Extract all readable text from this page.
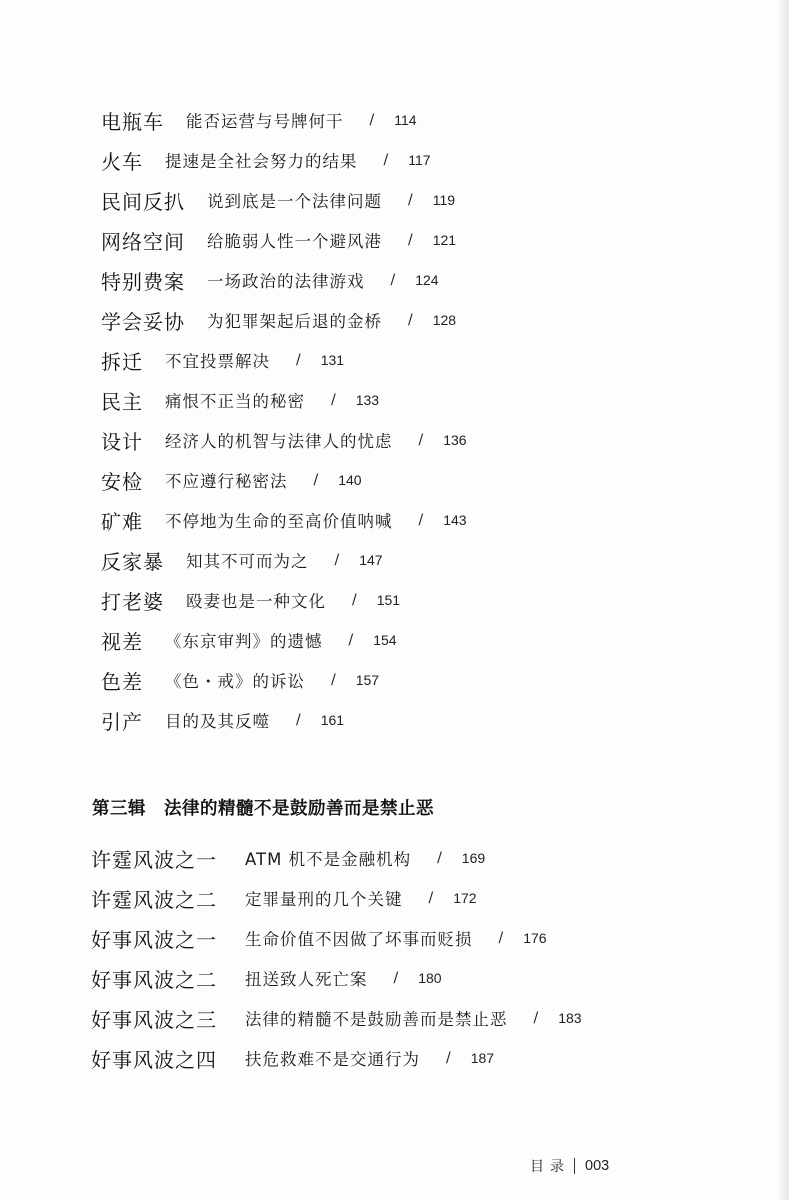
电瓶车 能否运营与号牌何干 / 114
火车 提速是全社会努力的结果 / 117
民间反扒 说到底是一个法律问题 / 119
网络空间 给脆弱人性一个避风港 / 121
特别费案 一场政治的法律游戏 / 124
学会妥协 为犯罪架起后退的金桥 / 128
拆迁 不宜投票解决 / 131
民主 痛恨不正当的秘密 / 133
设计 经济人的机智与法律人的忧虑 / 136
安检 不应遵行秘密法 / 140
矿难 不停地为生命的至高价值呐喊 / 143
反家暴 知其不可而为之 / 147
打老婆 殴妻也是一种文化 / 151
视差 《东京审判》的遗憾 / 154
色差 《色・戒》的诉讼 / 157
引产 目的及其反噬 / 161
第三辑 法律的精髓不是鼓励善而是禁止恶
许霆风波之一 ATM 机不是金融机构 / 169
许霆风波之二 定罪量刑的几个关键 / 172
好事风波之一 生命价值不因做了坏事而贬损 / 176
好事风波之二 扭送致人死亡案 / 180
好事风波之三 法律的精髓不是鼓励善而是禁止恶 / 183
好事风波之四 扶危救难不是交通行为 / 187
目录 003
